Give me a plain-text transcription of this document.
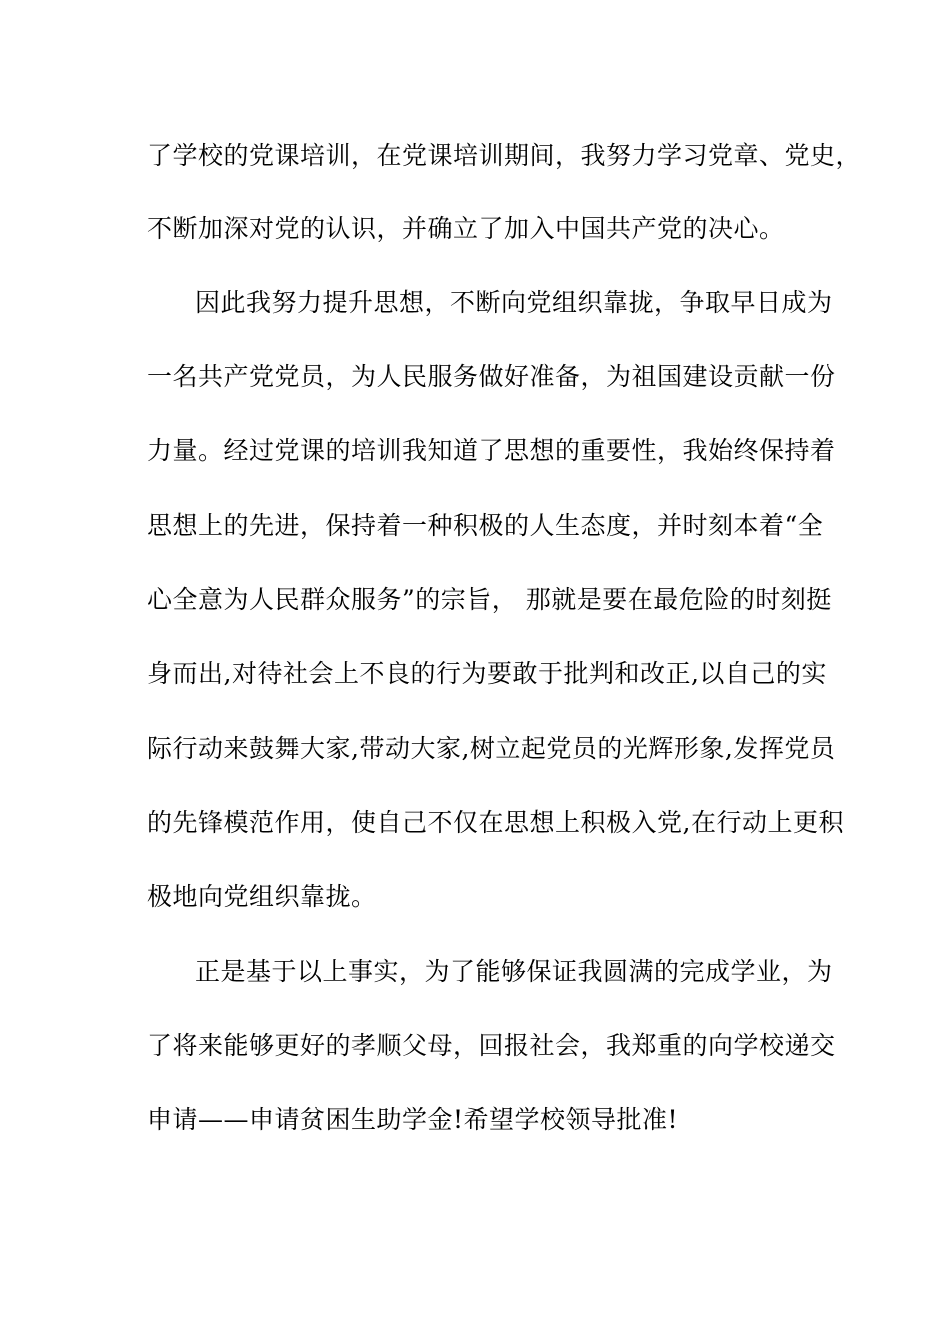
了学校的党课培训，在党课培训期间，我努力学习党章、党史，
不断加深对党的认识，并确立了加入中国共产党的决心。
因此我努力提升思想，不断向党组织靠拢，争取早日成为
一名共产党党员，为人民服务做好准备，为祖国建设贡献一份
力量。经过党课的培训我知道了思想的重要性，我始终保持着
思想上的先进，保持着一种积极的人生态度，并时刻本着“全
心全意为人民群众服务”的宗旨， 那就是要在最危险的时刻挺
身而出,对待社会上不良的行为要敢于批判和改正,以自己的实
际行动来鼓舞大家,带动大家,树立起党员的光辉形象,发挥党员
的先锋模范作用，使自己不仅在思想上积极入党,在行动上更积
极地向党组织靠拢。
正是基于以上事实，为了能够保证我圆满的完成学业，为
了将来能够更好的孝顺父母，回报社会，我郑重的向学校递交
申请——申请贫困生助学金!希望学校领导批准!
